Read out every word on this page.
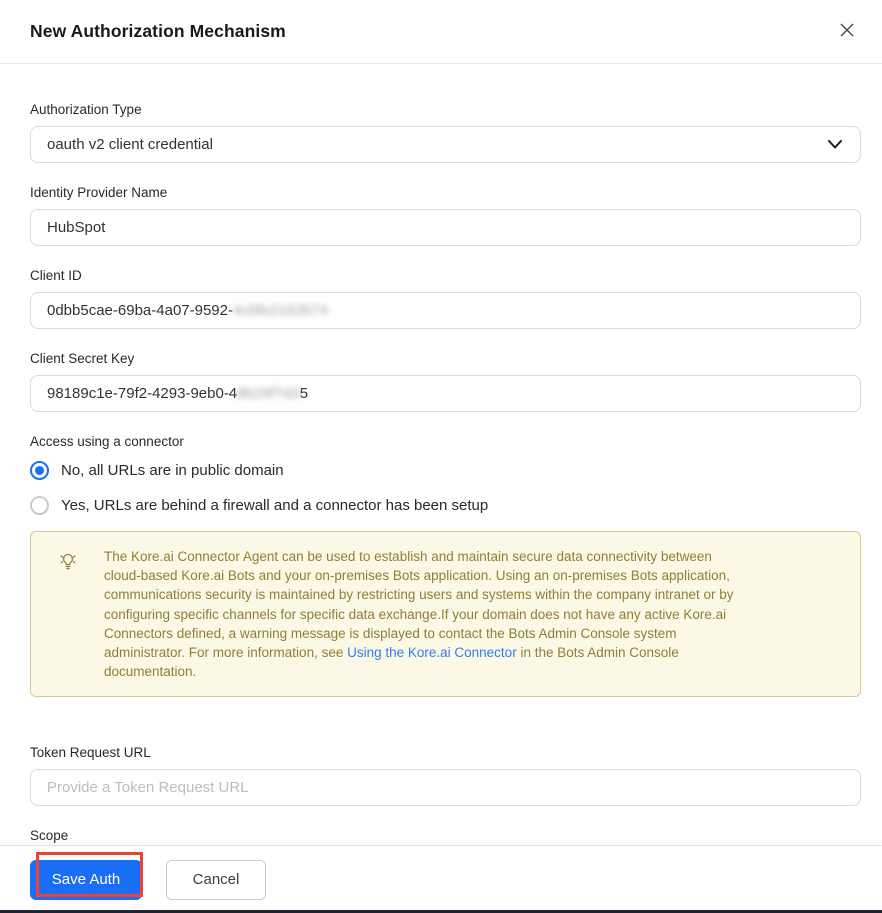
New Authorization Mechanism
Authorization Type
oauth v2 client credential
Identity Provider Name
HubSpot
Client ID
0dbb5cae-69ba-4a07-9592- 4c6fe2162b74
Client Secret Key
98189c1e-79f2-4293-9eb0-4 8b29f7d3 5
Access using a connector
No, all URLs are in public domain
Yes, URLs are behind a firewall and a connector has been setup
The Kore.ai Connector Agent can be used to establish and maintain secure data connectivity between cloud-based Kore.ai Bots and your on-premises Bots application. Using an on-premises Bots application, communications security is maintained by restricting users and systems within the company intranet or by configuring specific channels for specific data exchange.If your domain does not have any active Kore.ai Connectors defined, a warning message is displayed to contact the Bots Admin Console system administrator. For more information, see Using the Kore.ai Connector in the Bots Admin Console documentation.
Token Request URL
Provide a Token Request URL
Scope
Save Auth	Cancel
